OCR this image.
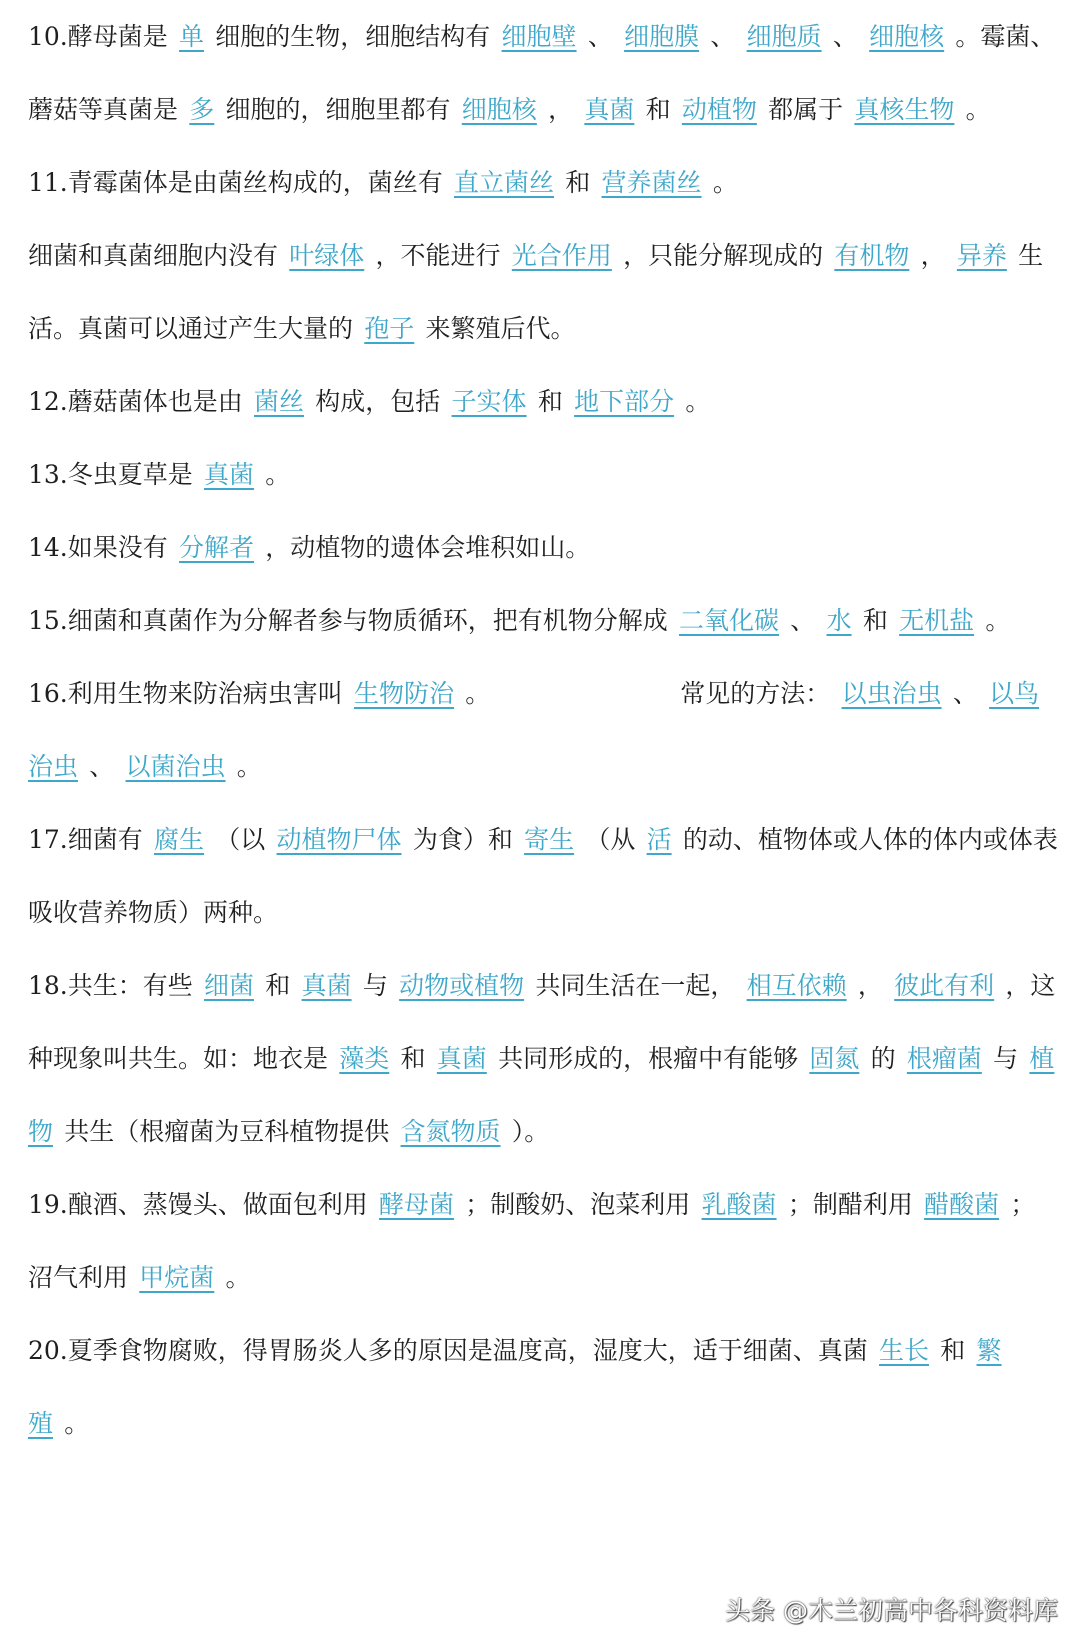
10.酵母菌是 单 细胞的生物，细胞结构有 细胞壁 、 细胞膜 、 细胞质 、 细胞核 。霉菌、蘑菇等真菌是 多 细胞的，细胞里都有 细胞核 ， 真菌 和 动植物 都属于 真核生物 。

11.青霉菌体是由菌丝构成的，菌丝有 直立菌丝 和 营养菌丝 。

细菌和真菌细胞内没有 叶绿体 ，不能进行 光合作用 ，只能分解现成的 有机物 ， 异养 生活。真菌可以通过产生大量的 孢子 来繁殖后代。

12.蘑菇菌体也是由 菌丝 构成，包括 子实体 和 地下部分 。

13.冬虫夏草是 真菌 。

14.如果没有 分解者 ，动植物的遗体会堆积如山。

15.细菌和真菌作为分解者参与物质循环，把有机物分解成 二氧化碳 、 水 和 无机盐 。

16.利用生物来防治病虫害叫 生物防治 。	常见的方法： 以虫治虫 、 以鸟治虫 、 以菌治虫 。

17.细菌有 腐生 （以 动植物尸体 为食）和 寄生 （从 活 的动、植物体或人体的体内或体表吸收营养物质）两种。

18.共生：有些 细菌 和 真菌 与 动物或植物 共同生活在一起， 相互依赖 ， 彼此有利 ，这种现象叫共生。如：地衣是 藻类 和 真菌 共同形成的，根瘤中有能够 固氮 的 根瘤菌 与 植物 共生（根瘤菌为豆科植物提供 含氮物质 ）。

19.酿酒、蒸馒头、做面包利用 酵母菌 ；制酸奶、泡菜利用 乳酸菌 ；制醋利用 醋酸菌 ；沼气利用 甲烷菌 。

20.夏季食物腐败，得胃肠炎人多的原因是温度高，湿度大，适于细菌、真菌 生长 和 繁殖 。

头条 @木兰初高中各科资料库
